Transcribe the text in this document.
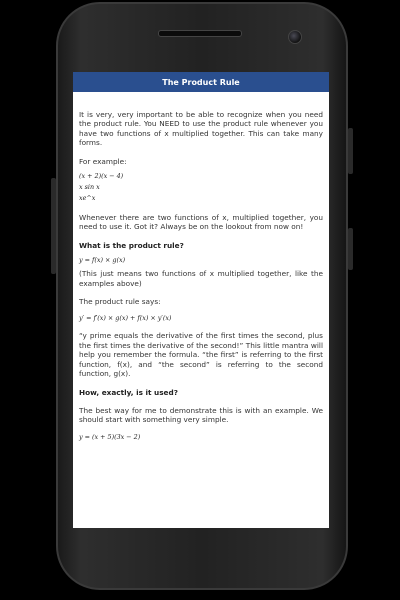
The Product Rule

It is very, very important to be able to recognize when you need the product rule. You NEED to use the product rule whenever you have two functions of x multiplied together. This can take many forms.

For example:

(x + 2)(x − 4)
x sin x
xe^x

Whenever there are two functions of x, multiplied together, you need to use it. Got it? Always be on the lookout from now on!

What is the product rule?

y = f(x) × g(x)

(This just means two functions of x multiplied together, like the examples above)

The product rule says:

y′ = f′(x) × g(x) + f(x) × y′(x)

“y prime equals the derivative of the first times the second, plus the first times the derivative of the second!” This little mantra will help you remember the formula. “the first” is referring to the first function, f(x), and “the second” is referring to the second function, g(x).

How, exactly, is it used?

The best way for me to demonstrate this is with an example. We should start with something very simple.

y = (x + 5)(3x − 2)
